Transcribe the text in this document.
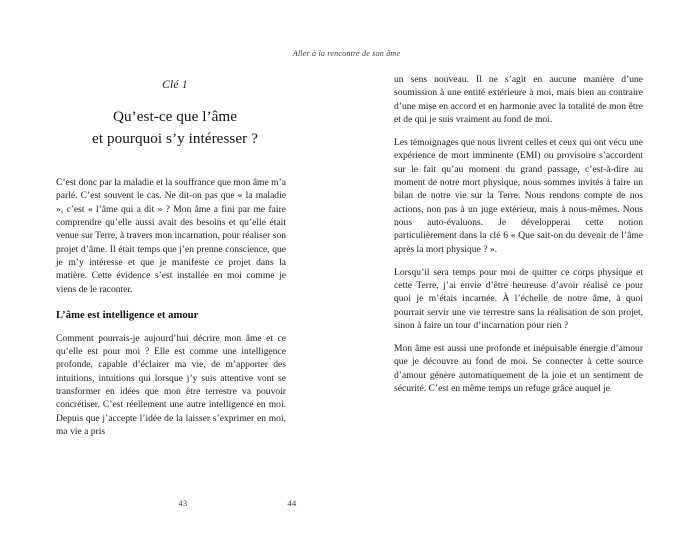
Clé 1
Qu’est-ce que l’âme
et pourquoi s’y intéresser ?

C’est donc par la maladie et la souffrance que mon âme m’a parlé. C’est souvent le cas. Ne dit-on pas que « la maladie », c’est « l’âme qui a dit » ? Mon âme a fini par me faire comprendre qu’elle aussi avait des besoins et qu’elle était venue sur Terre, à travers mon incarnation, pour réaliser son projet d’âme. Il était temps que j’en prenne conscience, que je m’y intéresse et que je manifeste ce projet dans la matière. Cette évidence s’est installée en moi comme je viens de le raconter.

L’âme est intelligence et amour

Comment pourrais-je aujourd’hui décrire mon âme et ce qu’elle est pour moi ? Elle est comme une intelligence profonde, capable d’éclairer ma vie, de m’apporter des intuitions, intuitions qui lorsque j’y suis attentive vont se transformer en idées que mon être terrestre va pouvoir concrétiser. C’est réellement une autre intelligence en moi. Depuis que j’accepte l’idée de la laisser s’exprimer en moi, ma vie a pris

43
Aller à la rencontre de son âme

un sens nouveau. Il ne s’agit en aucune manière d’une soumission à une entité extérieure à moi, mais bien au contraire d’une mise en accord et en harmonie avec la totalité de mon être et de qui je suis vraiment au fond de moi.

Les témoignages que nous livrent celles et ceux qui ont vécu une expérience de mort imminente (EMI) ou provisoire s’accordent sur le fait qu’au moment du grand passage, c’est-à-dire au moment de notre mort physique, nous sommes invités à faire un bilan de notre vie sur la Terre. Nous rendons compte de nos actions, non pas à un juge extérieur, mais à nous-mêmes. Nous nous auto-évaluons. Je développerai cette notion particulièrement dans la clé 6 « Que sait-on du devenir de l’âme après la mort physique ? ».

Lorsqu’il sera temps pour moi de quitter ce corps physique et cette Terre, j’ai envie d’être heureuse d’avoir réalisé ce pour quoi je m’étais incarnée. À l’échelle de notre âme, à quoi pourrait servir une vie terrestre sans la réalisation de son projet, sinon à faire un tour d’incarnation pour rien ?

Mon âme est aussi une profonde et inépuisable énergie d’amour que je découvre au fond de moi. Se connecter à cette source d’amour génère automatiquement de la joie et un sentiment de sécurité. C’est en même temps un refuge grâce auquel je

44
